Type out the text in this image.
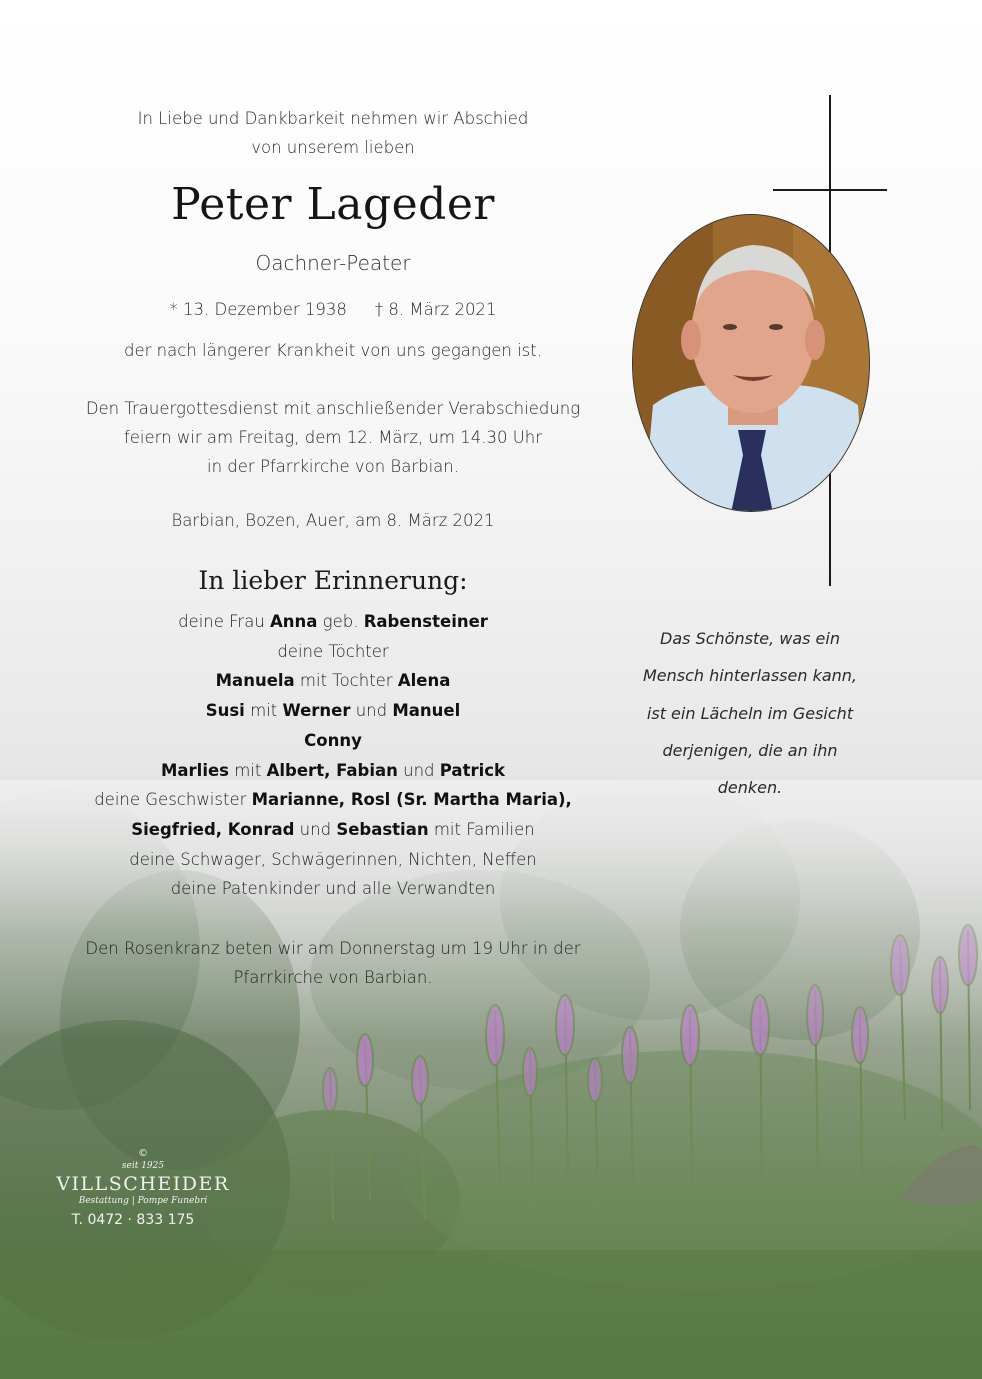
In Liebe und Dankbarkeit nehmen wir Abschied
von unserem lieben
Peter Lageder
Oachner-Peater
* 13. Dezember 1938 † 8. März 2021
der nach längerer Krankheit von uns gegangen ist.
Den Trauergottesdienst mit anschließender Verabschiedung
feiern wir am Freitag, dem 12. März, um 14.30 Uhr
in der Pfarrkirche von Barbian.
Barbian, Bozen, Auer, am 8. März 2021
In lieber Erinnerung:
deine Frau Anna geb. Rabensteiner
deine Töchter
Manuela mit Tochter Alena
Susi mit Werner und Manuel
Conny
Marlies mit Albert, Fabian und Patrick
deine Geschwister Marianne, Rosl (Sr. Martha Maria),
Siegfried, Konrad und Sebastian mit Familien
deine Schwager, Schwägerinnen, Nichten, Neffen
deine Patenkinder und alle Verwandten
Den Rosenkranz beten wir am Donnerstag um 19 Uhr in der
Pfarrkirche von Barbian.
Das Schönste, was ein
Mensch hinterlassen kann,
ist ein Lächeln im Gesicht
derjenigen, die an ihn
denken.
©
seit 1925
VILLSCHEIDER
Bestattung | Pompe Funebri
T. 0472 · 833 175
